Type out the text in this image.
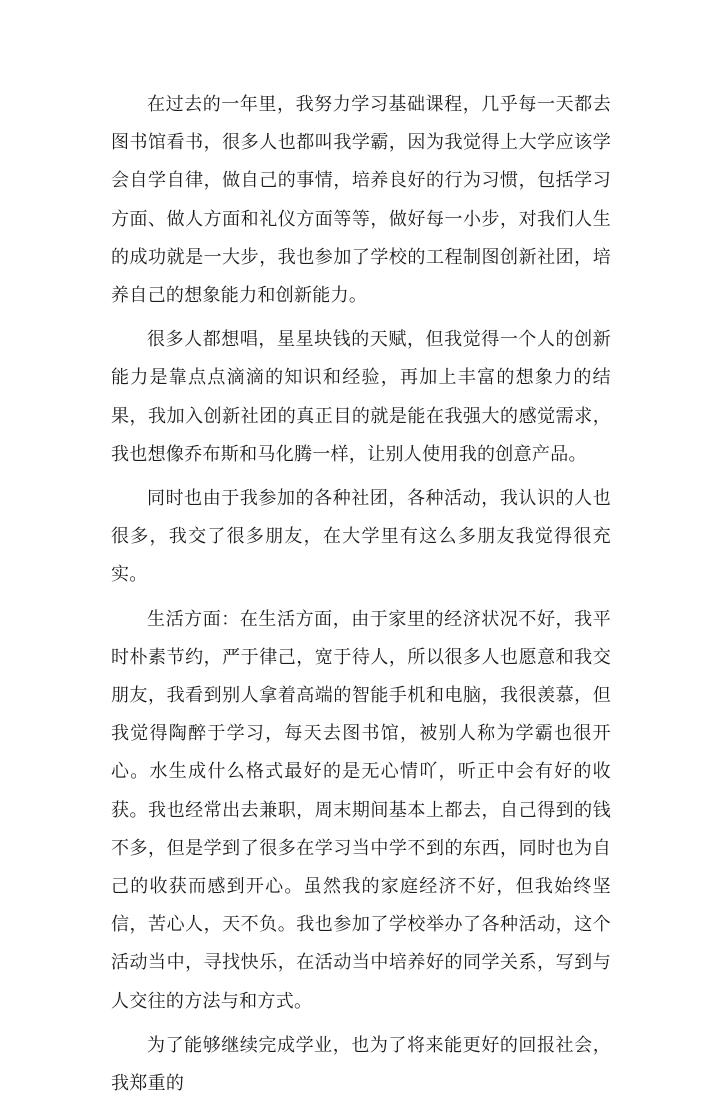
在过去的一年里，我努力学习基础课程，几乎每一天都去图书馆看书，很多人也都叫我学霸，因为我觉得上大学应该学会自学自律，做自己的事情，培养良好的行为习惯，包括学习方面、做人方面和礼仪方面等等，做好每一小步，对我们人生的成功就是一大步，我也参加了学校的工程制图创新社团，培养自己的想象能力和创新能力。

很多人都想唱，星星块钱的天赋，但我觉得一个人的创新能力是靠点点滴滴的知识和经验，再加上丰富的想象力的结果，我加入创新社团的真正目的就是能在我强大的感觉需求，我也想像乔布斯和马化腾一样，让别人使用我的创意产品。

同时也由于我参加的各种社团，各种活动，我认识的人也很多，我交了很多朋友，在大学里有这么多朋友我觉得很充实。

生活方面：在生活方面，由于家里的经济状况不好，我平时朴素节约，严于律己，宽于待人，所以很多人也愿意和我交朋友，我看到别人拿着高端的智能手机和电脑，我很羡慕，但我觉得陶醉于学习，每天去图书馆，被别人称为学霸也很开心。水生成什么格式最好的是无心情吖，听正中会有好的收获。我也经常出去兼职，周末期间基本上都去，自己得到的钱不多，但是学到了很多在学习当中学不到的东西，同时也为自己的收获而感到开心。虽然我的家庭经济不好，但我始终坚信，苦心人，天不负。我也参加了学校举办了各种活动，这个活动当中，寻找快乐，在活动当中培养好的同学关系，写到与人交往的方法与和方式。

为了能够继续完成学业，也为了将来能更好的回报社会，我郑重的
